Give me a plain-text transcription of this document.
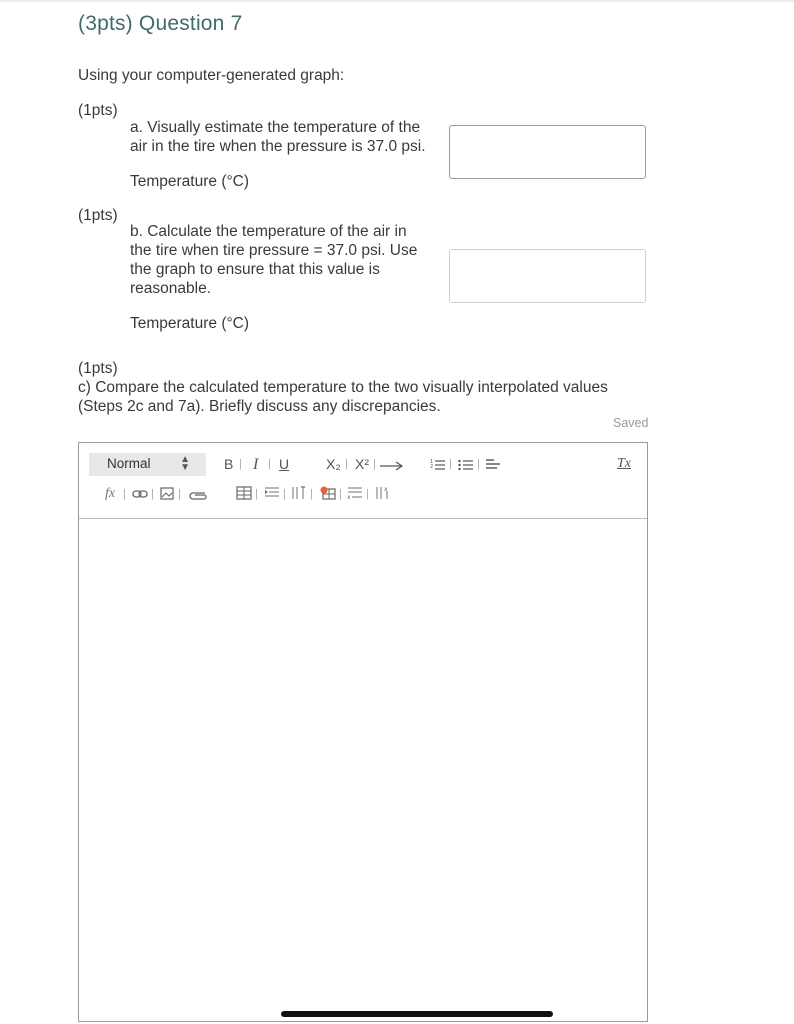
(3pts) Question 7
Using your computer-generated graph:
(1pts)
a. Visually estimate the temperature of the
air in the tire when the pressure is 37.0 psi.
Temperature (°C)
(1pts)
b. Calculate the temperature of the air in
the tire when tire pressure = 37.0 psi. Use
the graph to ensure that this value is
reasonable.
Temperature (°C)
(1pts)
c) Compare the calculated temperature to the two visually interpolated values
(Steps 2c and 7a). Briefly discuss any discrepancies.
Saved
Normal	▲
▼ B | I | U	X₂ | X² |	1
2 | |	Tx
fx | | |	| | | | x |	x
